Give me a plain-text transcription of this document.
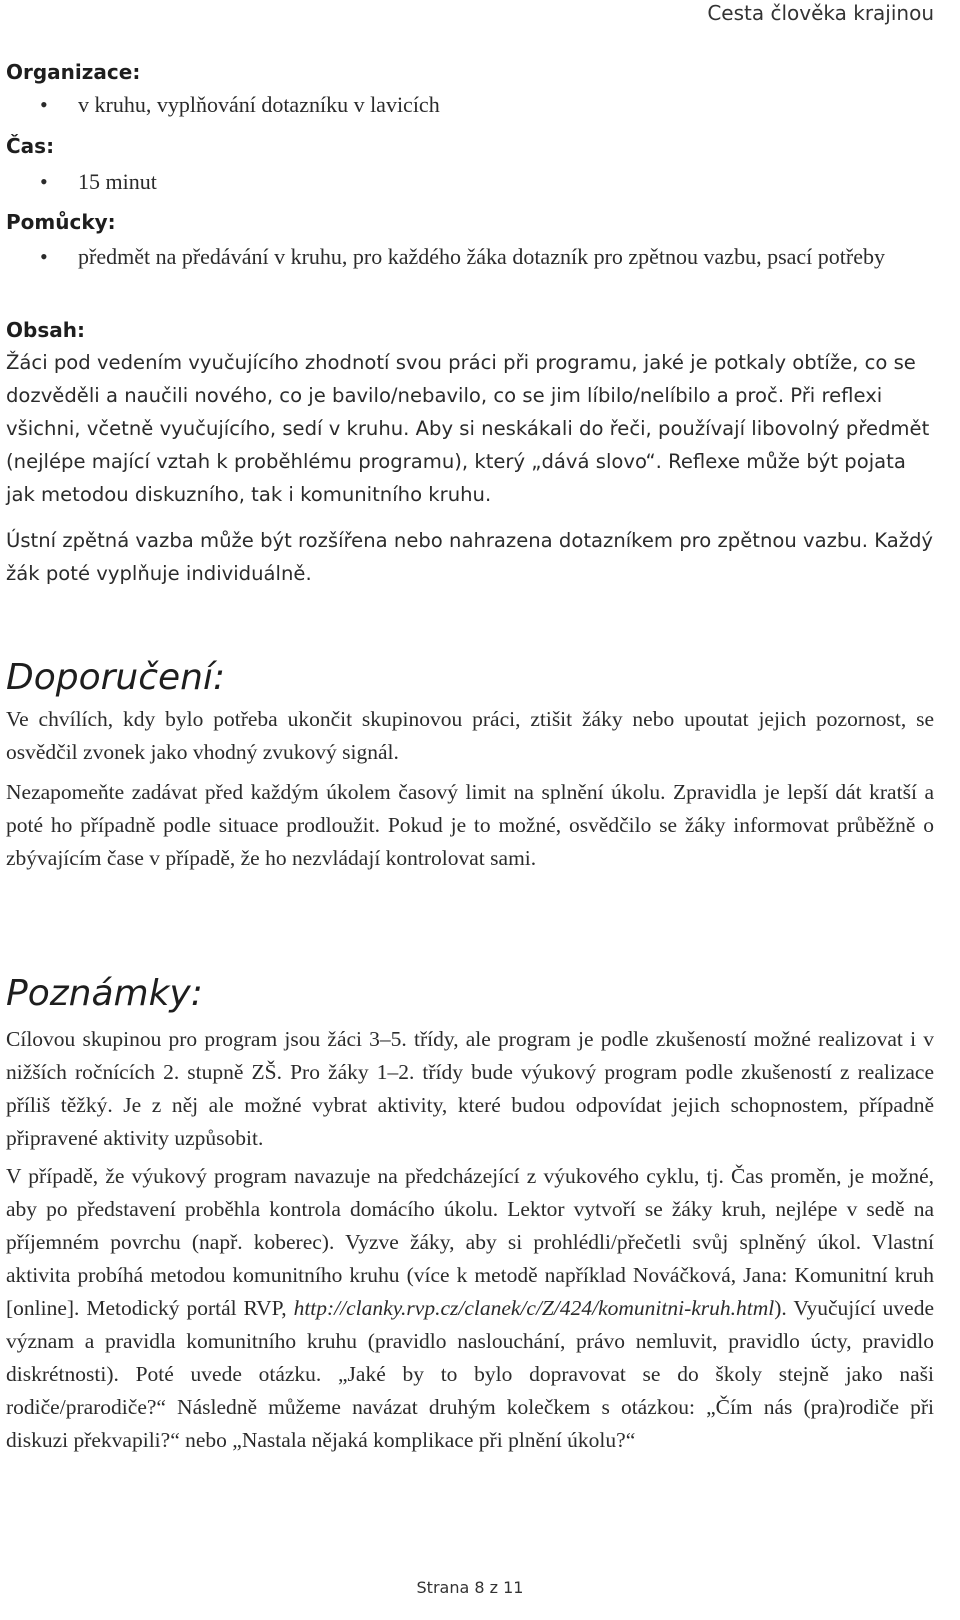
Cesta člověka krajinou
Organizace:
• v kruhu, vyplňování dotazníku v lavicích

Čas:
• 15 minut

Pomůcky:
• předmět na předávání v kruhu, pro každého žáka dotazník pro zpětnou vazbu, psací potřeby

Obsah:

Žáci pod vedením vyučujícího zhodnotí svou práci při programu, jaké je potkaly obtíže, co se dozvěděli a naučili nového, co je bavilo/nebavilo, co se jim líbilo/nelíbilo a proč. Při reflexi všichni, včetně vyučujícího, sedí v kruhu. Aby si neskákali do řeči, používají libovolný předmět (nejlépe mající vztah k proběhlému programu), který „dává slovo“. Reflexe může být pojata jak metodou diskuzního, tak i komunitního kruhu.

Ústní zpětná vazba může být rozšířena nebo nahrazena dotazníkem pro zpětnou vazbu. Každý žák poté vyplňuje individuálně.

Doporučení:

Ve chvílích, kdy bylo potřeba ukončit skupinovou práci, ztišit žáky nebo upoutat jejich pozornost, se osvědčil zvonek jako vhodný zvukový signál.

Nezapomeňte zadávat před každým úkolem časový limit na splnění úkolu. Zpravidla je lepší dát kratší a poté ho případně podle situace prodloužit. Pokud je to možné, osvědčilo se žáky informovat průběžně o zbývajícím čase v případě, že ho nezvládají kontrolovat sami.

Poznámky:

Cílovou skupinou pro program jsou žáci 3–5. třídy, ale program je podle zkušeností možné realizovat i v nižších ročnících 2. stupně ZŠ. Pro žáky 1–2. třídy bude výukový program podle zkušeností z realizace příliš těžký. Je z něj ale možné vybrat aktivity, které budou odpovídat jejich schopnostem, případně připravené aktivity uzpůsobit.

V případě, že výukový program navazuje na předcházející z výukového cyklu, tj. Čas proměn, je možné, aby po představení proběhla kontrola domácího úkolu. Lektor vytvoří se žáky kruh, nejlépe v sedě na příjemném povrchu (např. koberec). Vyzve žáky, aby si prohlédli/přečetli svůj splněný úkol. Vlastní aktivita probíhá metodou komunitního kruhu (více k metodě například Nováčková, Jana: Komunitní kruh [online]. Metodický portál RVP, http://clanky.rvp.cz/clanek/c/Z/424/komunitni-kruh.html). Vyučující uvede význam a pravidla komunitního kruhu (pravidlo naslouchání, právo nemluvit, pravidlo úcty, pravidlo diskrétnosti). Poté uvede otázku. „Jaké by to bylo dopravovat se do školy stejně jako naši rodiče/prarodiče?“ Následně můžeme navázat druhým kolečkem s otázkou: „Čím nás (pra)rodiče při diskuzi překvapili?“ nebo „Nastala nějaká komplikace při plnění úkolu?“

Strana 8 z 11
